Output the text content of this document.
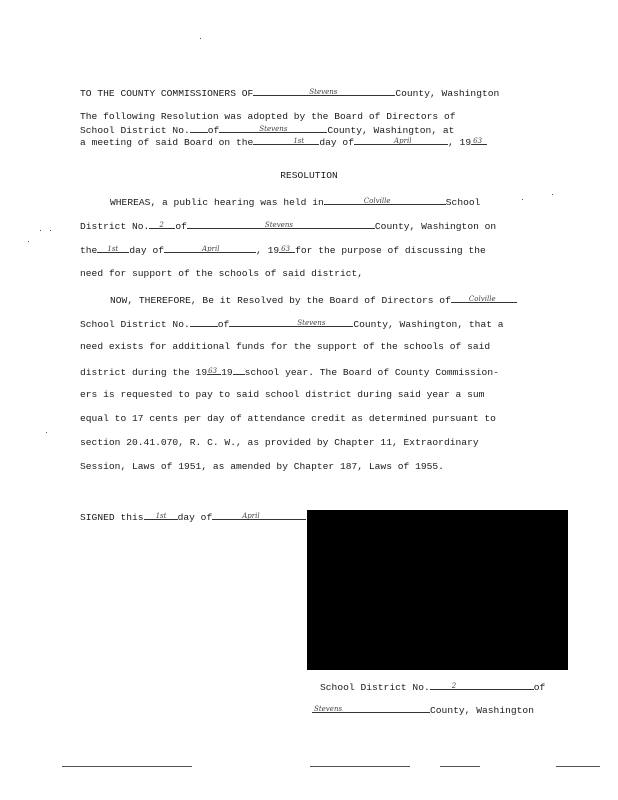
TO THE COUNTY COMMISSIONERS OF	Stevens	County, Washington
The following Resolution was adopted by the Board of Directors of
School District No. of	Stevens	County, Washington, at
a meeting of said Board on the	1st day of	April	, 19 63
RESOLUTION
WHEREAS, a public hearing was held in	Colville	School
District No. 2 of	Stevens	County, Washington on
the 1st day of	April	, 19 63 for the purpose of discussing the
need for support of the schools of said district,
NOW, THEREFORE, Be it Resolved by the Board of Directors of	Colville
School District No.	of	Stevens	County, Washington, that a
need exists for additional funds for the support of the schools of said
district during the 19 63 19 school year. The Board of County Commission-
ers is requested to pay to said school district during said year a sum
equal to 17 cents per day of attendance credit as determined pursuant to
section 20.41.070, R. C. W., as provided by Chapter 11, Extraordinary
Session, Laws of 1951, as amended by Chapter 187, Laws of 1955.
SIGNED this 1st day of	April
School District No.	2	of
Stevens	County, Washington
